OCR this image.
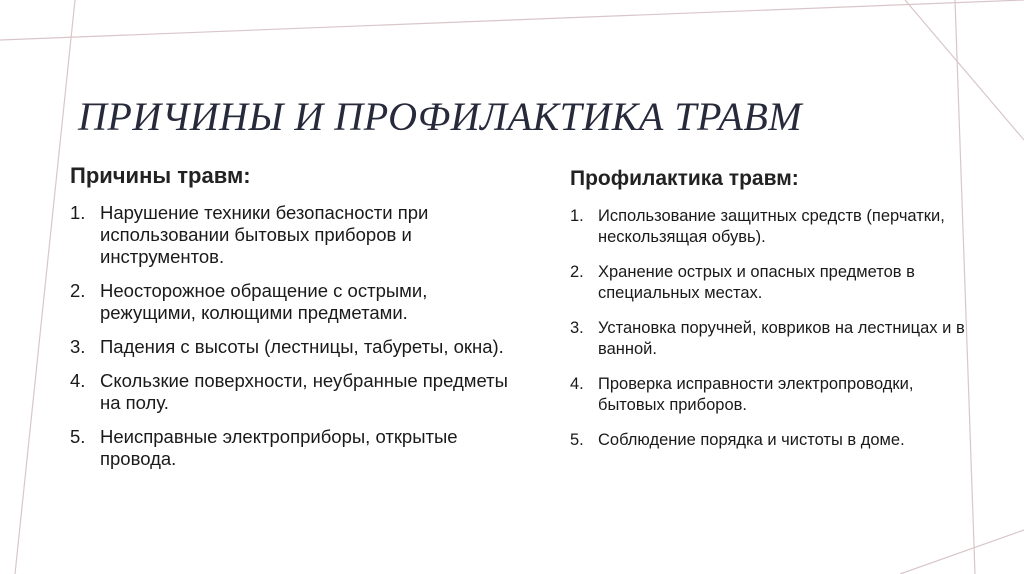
ПРИЧИНЫ И ПРОФИЛАКТИКА ТРАВМ
Причины травм:
1. Нарушение техники безопасности при использовании бытовых приборов и инструментов.
2. Неосторожное обращение с острыми, режущими, колющими предметами.
3. Падения с высоты (лестницы, табуреты, окна).
4. Скользкие поверхности, неубранные предметы на полу.
5. Неисправные электроприборы, открытые провода.
Профилактика травм:
1. Использование защитных средств (перчатки, нескользящая обувь).
2. Хранение острых и опасных предметов в специальных местах.
3. Установка поручней, ковриков на лестницах и в ванной.
4. Проверка исправности электропроводки, бытовых приборов.
5. Соблюдение порядка и чистоты в доме.
